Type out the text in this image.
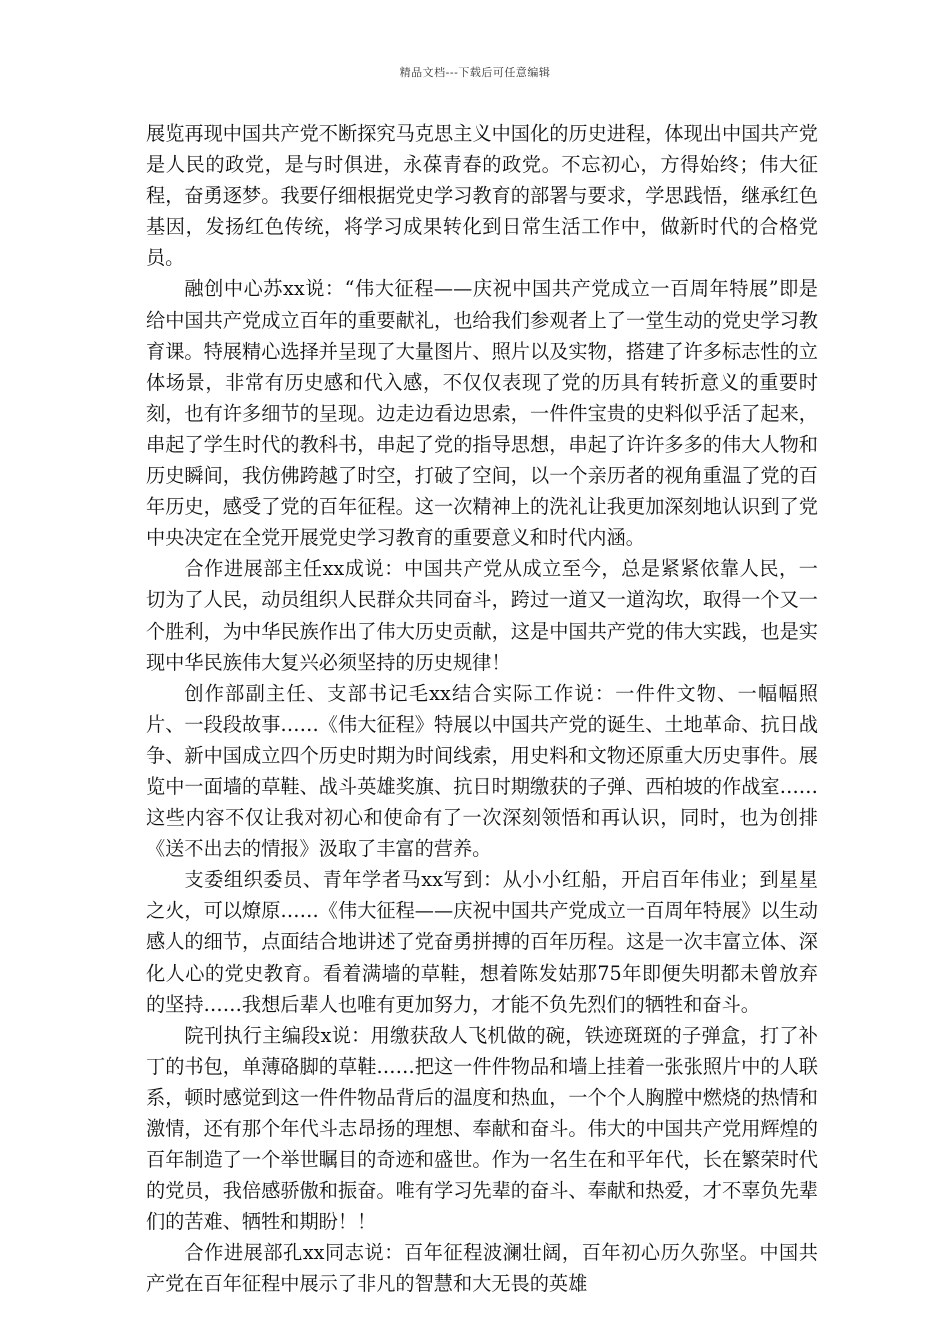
精品文档---下载后可任意编辑

展览再现中国共产党不断探究马克思主义中国化的历史进程，体现出中国共产党是人民的政党，是与时俱进，永葆青春的政党。不忘初心，方得始终；伟大征程，奋勇逐梦。我要仔细根据党史学习教育的部署与要求，学思践悟，继承红色基因，发扬红色传统，将学习成果转化到日常生活工作中，做新时代的合格党员。

融创中心苏xx说：“伟大征程——庆祝中国共产党成立一百周年特展”即是给中国共产党成立百年的重要献礼，也给我们参观者上了一堂生动的党史学习教育课。特展精心选择并呈现了大量图片、照片以及实物，搭建了许多标志性的立体场景，非常有历史感和代入感，不仅仅表现了党的历具有转折意义的重要时刻，也有许多细节的呈现。边走边看边思索，一件件宝贵的史料似乎活了起来，串起了学生时代的教科书，串起了党的指导思想，串起了许许多多的伟大人物和历史瞬间，我仿佛跨越了时空，打破了空间，以一个亲历者的视角重温了党的百年历史，感受了党的百年征程。这一次精神上的洗礼让我更加深刻地认识到了党中央决定在全党开展党史学习教育的重要意义和时代内涵。

合作进展部主任xx成说：中国共产党从成立至今，总是紧紧依靠人民，一切为了人民，动员组织人民群众共同奋斗，跨过一道又一道沟坎，取得一个又一个胜利，为中华民族作出了伟大历史贡献，这是中国共产党的伟大实践，也是实现中华民族伟大复兴必须坚持的历史规律！

创作部副主任、支部书记毛xx结合实际工作说：一件件文物、一幅幅照片、一段段故事……《伟大征程》特展以中国共产党的诞生、土地革命、抗日战争、新中国成立四个历史时期为时间线索，用史料和文物还原重大历史事件。展览中一面墙的草鞋、战斗英雄奖旗、抗日时期缴获的子弹、西柏坡的作战室……这些内容不仅让我对初心和使命有了一次深刻领悟和再认识，同时，也为创排《送不出去的情报》汲取了丰富的营养。

支委组织委员、青年学者马xx写到：从小小红船，开启百年伟业；到星星之火，可以燎原……《伟大征程——庆祝中国共产党成立一百周年特展》以生动感人的细节，点面结合地讲述了党奋勇拼搏的百年历程。这是一次丰富立体、深化人心的党史教育。看着满墙的草鞋，想着陈发姑那75年即便失明都未曾放弃的坚持……我想后辈人也唯有更加努力，才能不负先烈们的牺牲和奋斗。

院刊执行主编段x说：用缴获敌人飞机做的碗，铁迹斑斑的子弹盒，打了补丁的书包，单薄硌脚的草鞋……把这一件件物品和墙上挂着一张张照片中的人联系，顿时感觉到这一件件物品背后的温度和热血，一个个人胸膛中燃烧的热情和激情，还有那个年代斗志昂扬的理想、奉献和奋斗。伟大的中国共产党用辉煌的百年制造了一个举世瞩目的奇迹和盛世。作为一名生在和平年代，长在繁荣时代的党员，我倍感骄傲和振奋。唯有学习先辈的奋斗、奉献和热爱，才不辜负先辈们的苦难、牺牲和期盼！！

合作进展部孔xx同志说：百年征程波澜壮阔，百年初心历久弥坚。中国共产党在百年征程中展示了非凡的智慧和大无畏的英雄
